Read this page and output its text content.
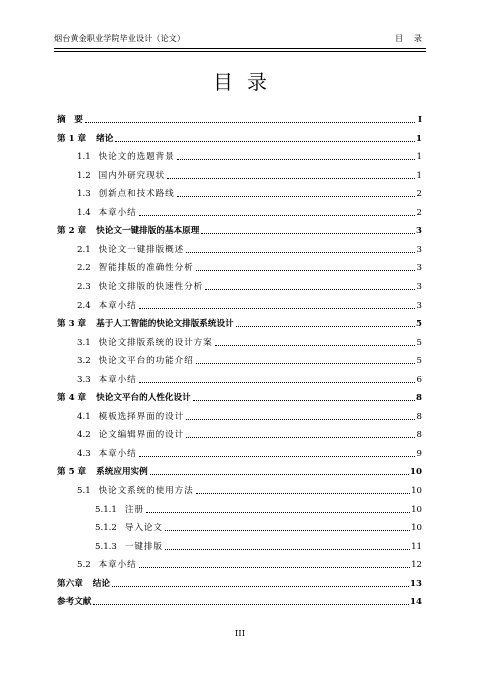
烟台黄金职业学院毕业设计（论文）	目 录
目录
摘　要	I
第 1 章 绪论	1
1.1 快论文的选题背景	1
1.2 国内外研究现状	1
1.3 创新点和技术路线	2
1.4 本章小结	2
第 2 章 快论文一键排版的基本原理	3
2.1 快论文一键排版概述	3
2.2 智能排版的准确性分析	3
2.3 快论文排版的快速性分析	3
2.4 本章小结	3
第 3 章 基于人工智能的快论文排版系统设计	5
3.1 快论文排版系统的设计方案	5
3.2 快论文平台的功能介绍	5
3.3 本章小结	6
第 4 章 快论文平台的人性化设计	8
4.1 模板选择界面的设计	8
4.2 论文编辑界面的设计	8
4.3 本章小结	9
第 5 章 系统应用实例	10
5.1 快论文系统的使用方法	10
5.1.1 注册	10
5.1.2 导入论文	10
5.1.3 一键排版	11
5.2 本章小结	12
第六章 结论	13
参考文献	14
III
